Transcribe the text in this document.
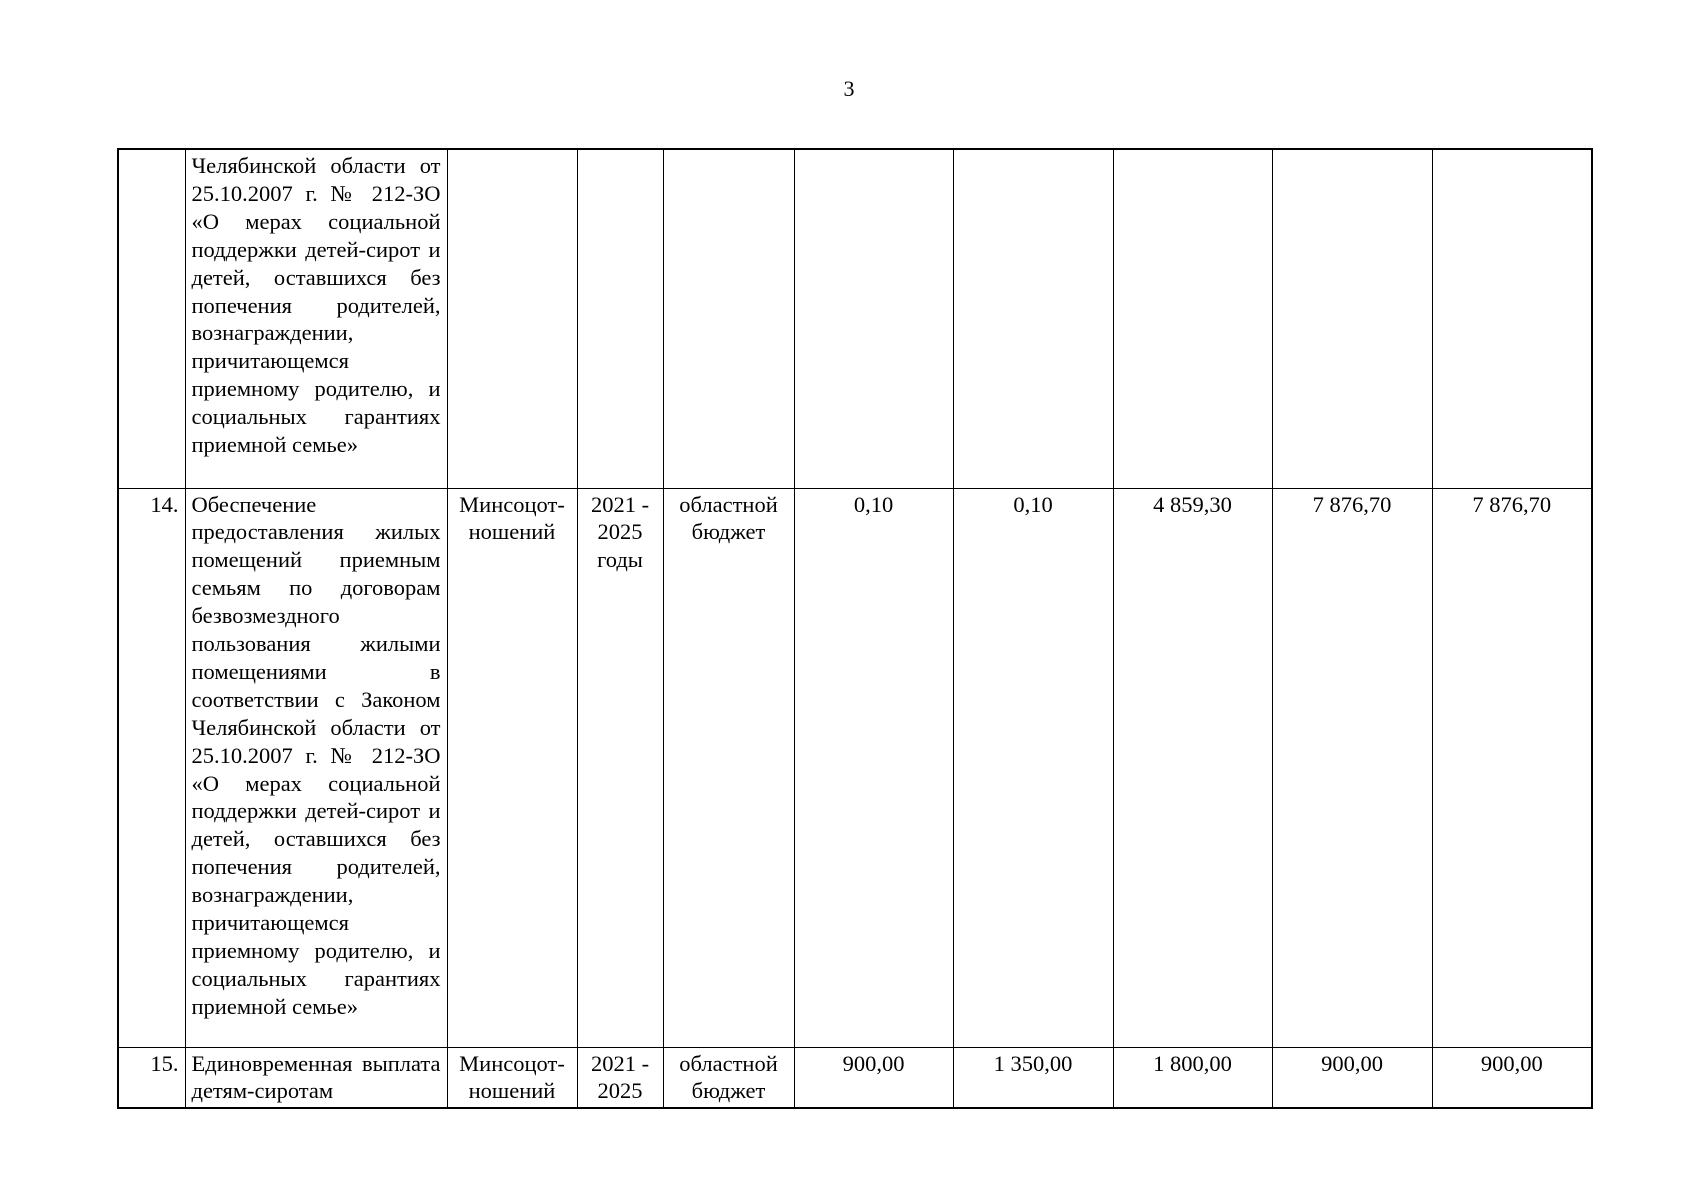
3
	Челябинской области от 25.10.2007 г. № 212-ЗО «О мерах социальной поддержки детей-сирот и детей, оставшихся без попечения родителей, вознаграждении, причитающемся приемному родителю, и социальных гарантиях приемной семье»								
14.	Обеспечение предоставления жилых помещений приемным семьям по договорам безвозмездного пользования жилыми помещениями в соответствии с Законом Челябинской области от 25.10.2007 г. № 212-ЗО «О мерах социальной поддержки детей-сирот и детей, оставшихся без попечения родителей, вознаграждении, причитающемся приемному родителю, и социальных гарантиях приемной семье»	Минсоцот-ношений	2021 - 2025 годы	областной бюджет	0,10	0,10	4 859,30	7 876,70	7 876,70
15.	Единовременная выплата детям-сиротам	Минсоцот-ношений	2021 - 2025	областной бюджет	900,00	1 350,00	1 800,00	900,00	900,00
